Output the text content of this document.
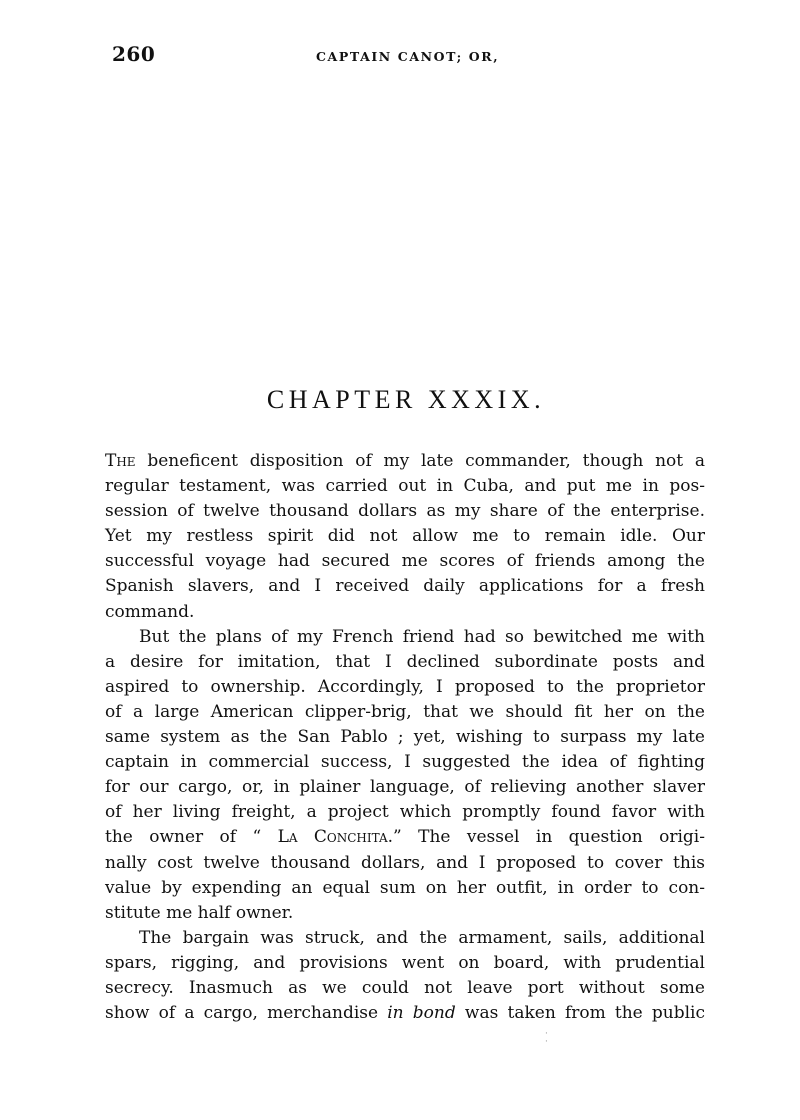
260	CAPTAIN CANOT; OR,
CHAPTER XXXIX.
The beneficent disposition of my late commander, though not a
regular testament, was carried out in Cuba, and put me in pos-
session of twelve thousand dollars as my share of the enterprise.
Yet my restless spirit did not allow me to remain idle. Our
successful voyage had secured me scores of friends among the
Spanish slavers, and I received daily applications for a fresh
command.
But the plans of my French friend had so bewitched me with
a desire for imitation, that I declined subordinate posts and
aspired to ownership. Accordingly, I proposed to the proprietor
of a large American clipper-brig, that we should fit her on the
same system as the San Pablo ; yet, wishing to surpass my late
captain in commercial success, I suggested the idea of fighting
for our cargo, or, in plainer language, of relieving another slaver
of her living freight, a project which promptly found favor with
the owner of “ La Conchita.” The vessel in question origi-
nally cost twelve thousand dollars, and I proposed to cover this
value by expending an equal sum on her outfit, in order to con-
stitute me half owner.
The bargain was struck, and the armament, sails, additional
spars, rigging, and provisions went on board, with prudential
secrecy. Inasmuch as we could not leave port without some
show of a cargo, merchandise in bond was taken from the public
·
·
